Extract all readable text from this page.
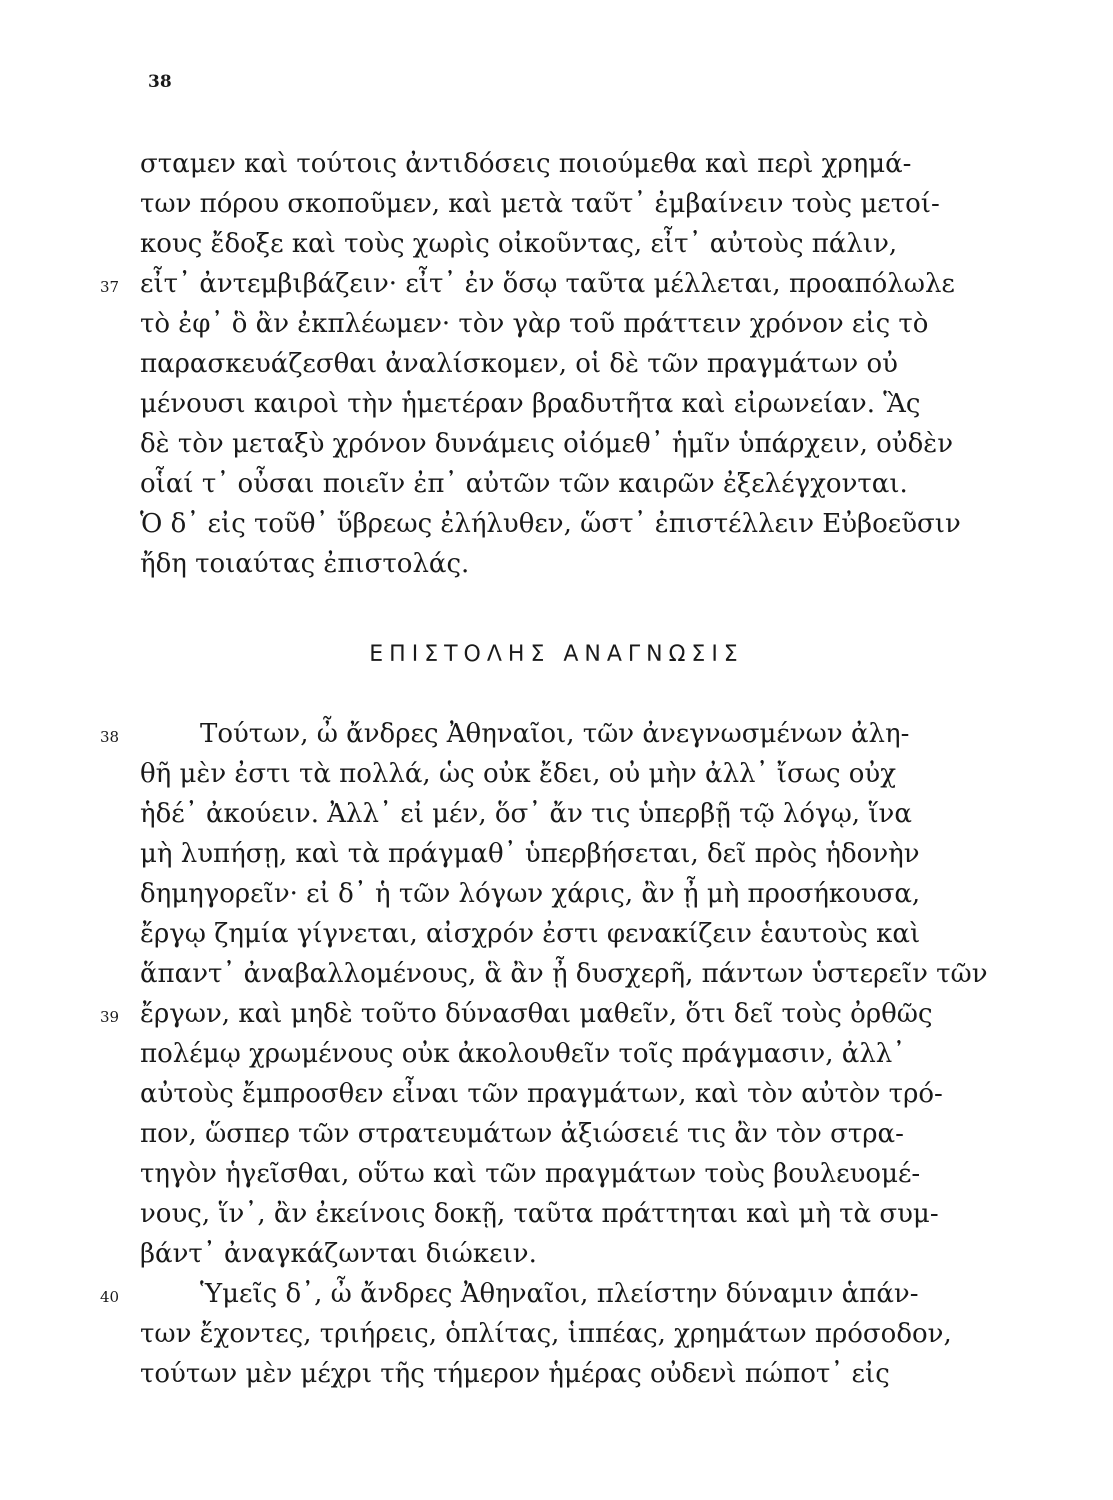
38
σταμεν καὶ τούτοις ἀντιδόσεις ποιούμεθα καὶ περὶ χρημά-
των πόρου σκοποῦμεν, καὶ μετὰ ταῦτ᾿ ἐμβαίνειν τοὺς μετοί-
κους ἔδοξε καὶ τοὺς χωρὶς οἰκοῦντας, εἶτ᾿ αὐτοὺς πάλιν,
37 εἶτ᾿ ἀντεμβιβάζειν· εἶτ᾿ ἐν ὅσῳ ταῦτα μέλλεται, προαπόλωλε
τὸ ἐφ᾿ ὃ ἂν ἐκπλέωμεν· τὸν γὰρ τοῦ πράττειν χρόνον εἰς τὸ
παρασκευάζεσθαι ἀναλίσκομεν, οἱ δὲ τῶν πραγμάτων οὐ
μένουσι καιροὶ τὴν ἡμετέραν βραδυτῆτα καὶ εἰρωνείαν. Ἃς
δὲ τὸν μεταξὺ χρόνον δυνάμεις οἰόμεθ᾿ ἡμῖν ὑπάρχειν, οὐδὲν
οἷαί τ᾿ οὖσαι ποιεῖν ἐπ᾿ αὐτῶν τῶν καιρῶν ἐξελέγχονται.
Ὁ δ᾿ εἰς τοῦθ᾿ ὕβρεως ἐλήλυθεν, ὥστ᾿ ἐπιστέλλειν Εὐβοεῦσιν
ἤδη τοιαύτας ἐπιστολάς.
ΕΠΙΣΤΟΛΗΣ ΑΝΑΓΝΩΣΙΣ
38	Τούτων, ὦ ἄνδρες Ἀθηναῖοι, τῶν ἀνεγνωσμένων ἀλη-
θῆ μὲν ἐστι τὰ πολλά, ὡς οὐκ ἔδει, οὐ μὴν ἀλλ᾿ ἴσως οὐχ
ἡδέ᾿ ἀκούειν. Ἀλλ᾿ εἰ μέν, ὅσ᾿ ἄν τις ὑπερβῇ τῷ λόγῳ, ἵνα
μὴ λυπήσῃ, καὶ τὰ πράγμαθ᾿ ὑπερβήσεται, δεῖ πρὸς ἡδονὴν
δημηγορεῖν· εἰ δ᾿ ἡ τῶν λόγων χάρις, ἂν ᾖ μὴ προσήκουσα,
ἔργῳ ζημία γίγνεται, αἰσχρόν ἐστι φενακίζειν ἑαυτοὺς καὶ
ἅπαντ᾿ ἀναβαλλομένους, ἃ ἂν ᾖ δυσχερῆ, πάντων ὑστερεῖν τῶν
39 ἔργων, καὶ μηδὲ τοῦτο δύνασθαι μαθεῖν, ὅτι δεῖ τοὺς ὀρθῶς
πολέμῳ χρωμένους οὐκ ἀκολουθεῖν τοῖς πράγμασιν, ἀλλ᾿
αὐτοὺς ἔμπροσθεν εἶναι τῶν πραγμάτων, καὶ τὸν αὐτὸν τρό-
πον, ὥσπερ τῶν στρατευμάτων ἀξιώσειέ τις ἂν τὸν στρα-
τηγὸν ἡγεῖσθαι, οὕτω καὶ τῶν πραγμάτων τοὺς βουλευομέ-
νους, ἵν᾿, ἂν ἐκείνοις δοκῇ, ταῦτα πράττηται καὶ μὴ τὰ συμ-
βάντ᾿ ἀναγκάζωνται διώκειν.
40	Ὑμεῖς δ᾿, ὦ ἄνδρες Ἀθηναῖοι, πλείστην δύναμιν ἁπάν-
των ἔχοντες, τριήρεις, ὁπλίτας, ἱππέας, χρημάτων πρόσοδον,
τούτων μὲν μέχρι τῆς τήμερον ἡμέρας οὐδενὶ πώποτ᾿ εἰς
